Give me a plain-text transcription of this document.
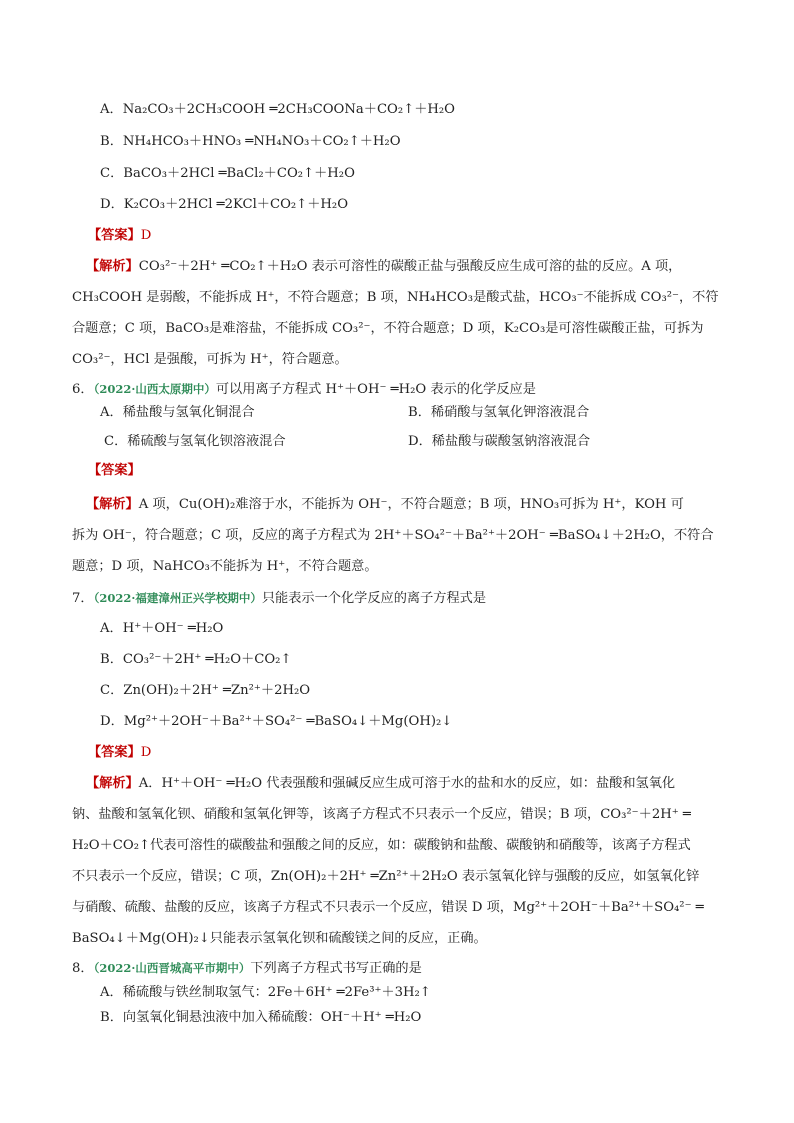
A．Na₂CO₃＋2CH₃COOH ═2CH₃COONa＋CO₂↑＋H₂O
B．NH₄HCO₃＋HNO₃ ═NH₄NO₃＋CO₂↑＋H₂O
C．BaCO₃＋2HCl ═BaCl₂＋CO₂↑＋H₂O
D．K₂CO₃＋2HCl ═2KCl＋CO₂↑＋H₂O
【答案】D
【解析】CO₃²⁻＋2H⁺ ═CO₂↑＋H₂O 表示可溶性的碳酸正盐与强酸反应生成可溶的盐的反应。A 项，
CH₃COOH 是弱酸，不能拆成 H⁺，不符合题意；B 项，NH₄HCO₃是酸式盐，HCO₃⁻不能拆成 CO₃²⁻，不符
合题意；C 项，BaCO₃是难溶盐，不能拆成 CO₃²⁻，不符合题意；D 项，K₂CO₃是可溶性碳酸正盐，可拆为
CO₃²⁻，HCl 是强酸，可拆为 H⁺，符合题意。
6．（2022·山西太原期中）可以用离子方程式 H⁺＋OH⁻ ═H₂O 表示的化学反应是
A．稀盐酸与氢氧化铜混合	B．稀硝酸与氢氧化钾溶液混合
C．稀硫酸与氢氧化钡溶液混合	D．稀盐酸与碳酸氢钠溶液混合
【答案】
【解析】A 项，Cu(OH)₂难溶于水，不能拆为 OH⁻，不符合题意；B 项，HNO₃可拆为 H⁺，KOH 可
拆为 OH⁻，符合题意；C 项，反应的离子方程式为 2H⁺＋SO₄²⁻＋Ba²⁺＋2OH⁻ ═BaSO₄↓＋2H₂O，不符合
题意；D 项，NaHCO₃不能拆为 H⁺，不符合题意。
7．（2022·福建漳州正兴学校期中）只能表示一个化学反应的离子方程式是
A．H⁺＋OH⁻ ═H₂O
B．CO₃²⁻＋2H⁺ ═H₂O＋CO₂↑
C．Zn(OH)₂＋2H⁺ ═Zn²⁺＋2H₂O
D．Mg²⁺＋2OH⁻＋Ba²⁺＋SO₄²⁻ ═BaSO₄↓＋Mg(OH)₂↓
【答案】D
【解析】A．H⁺＋OH⁻ ═H₂O 代表强酸和强碱反应生成可溶于水的盐和水的反应，如：盐酸和氢氧化
钠、盐酸和氢氧化钡、硝酸和氢氧化钾等，该离子方程式不只表示一个反应，错误；B 项，CO₃²⁻＋2H⁺ ═
H₂O＋CO₂↑代表可溶性的碳酸盐和强酸之间的反应，如：碳酸钠和盐酸、碳酸钠和硝酸等，该离子方程式
不只表示一个反应，错误；C 项，Zn(OH)₂＋2H⁺ ═Zn²⁺＋2H₂O 表示氢氧化锌与强酸的反应，如氢氧化锌
与硝酸、硫酸、盐酸的反应，该离子方程式不只表示一个反应，错误 D 项，Mg²⁺＋2OH⁻＋Ba²⁺＋SO₄²⁻ ═
BaSO₄↓＋Mg(OH)₂↓只能表示氢氧化钡和硫酸镁之间的反应，正确。
8．（2022·山西晋城高平市期中）下列离子方程式书写正确的是
A．稀硫酸与铁丝制取氢气：2Fe＋6H⁺ ═2Fe³⁺＋3H₂↑
B．向氢氧化铜悬浊液中加入稀硫酸：OH⁻＋H⁺ ═H₂O
